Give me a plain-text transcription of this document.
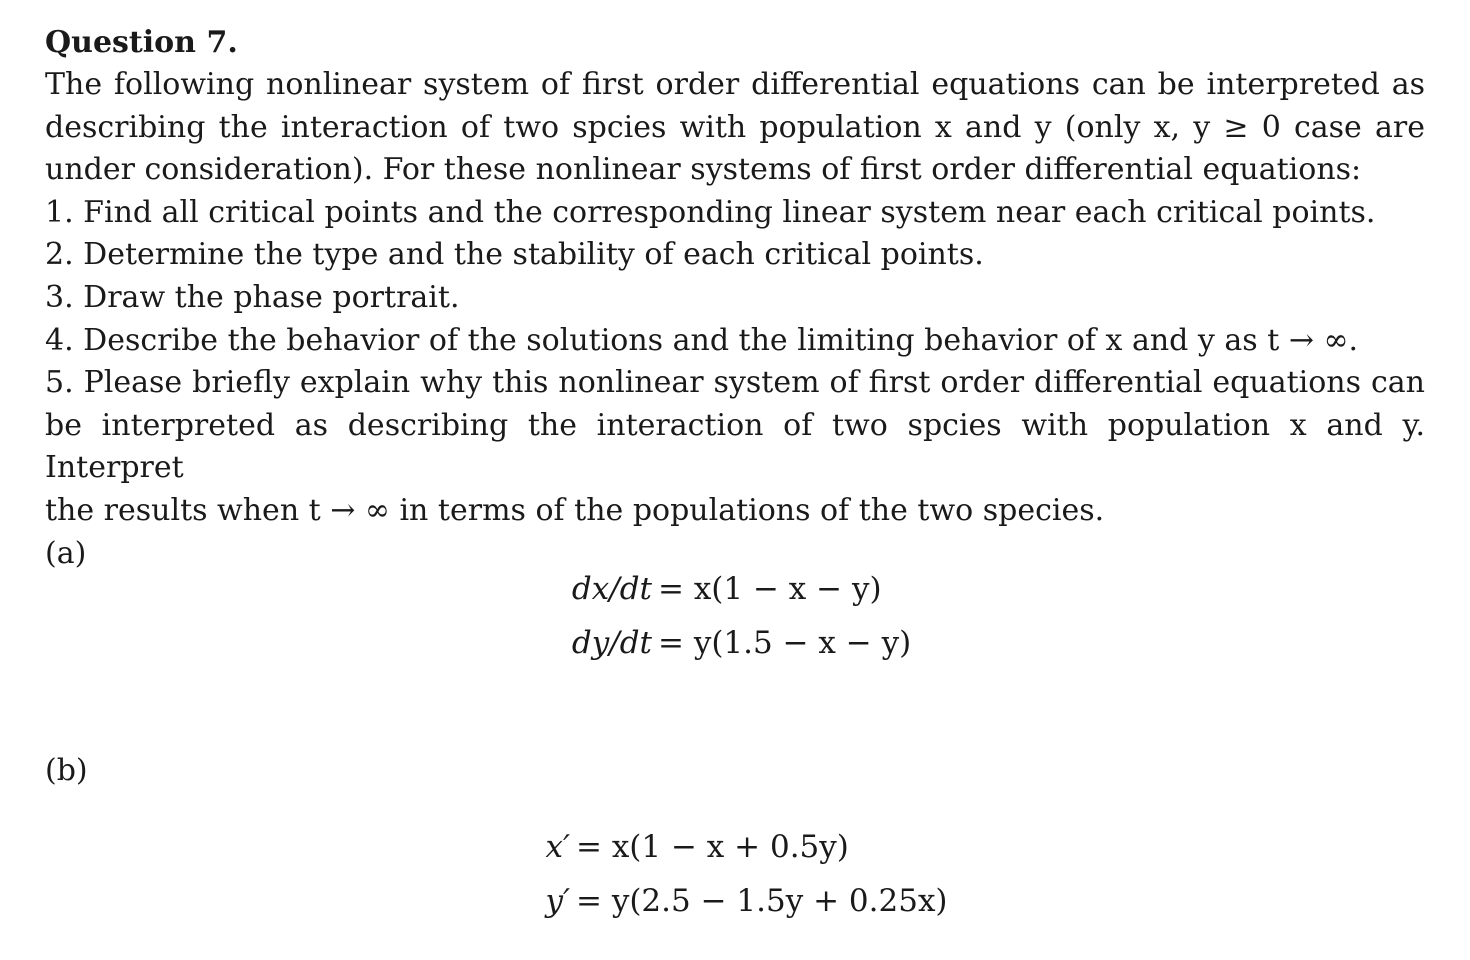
Question 7.
The following nonlinear system of first order differential equations can be interpreted as
describing the interaction of two spcies with population x and y (only x, y ≥ 0 case are
under consideration). For these nonlinear systems of first order differential equations:
1. Find all critical points and the corresponding linear system near each critical points.
2. Determine the type and the stability of each critical points.
3. Draw the phase portrait.
4. Describe the behavior of the solutions and the limiting behavior of x and y as t → ∞.
5. Please briefly explain why this nonlinear system of first order differential equations can
be interpreted as describing the interaction of two spcies with population x and y. Interpret
the results when t → ∞ in terms of the populations of the two species.
(a)
dx/dt = x(1 − x − y)
dy/dt = y(1.5 − x − y)
(b)
x′ = x(1 − x + 0.5y)
y′ = y(2.5 − 1.5y + 0.25x)
